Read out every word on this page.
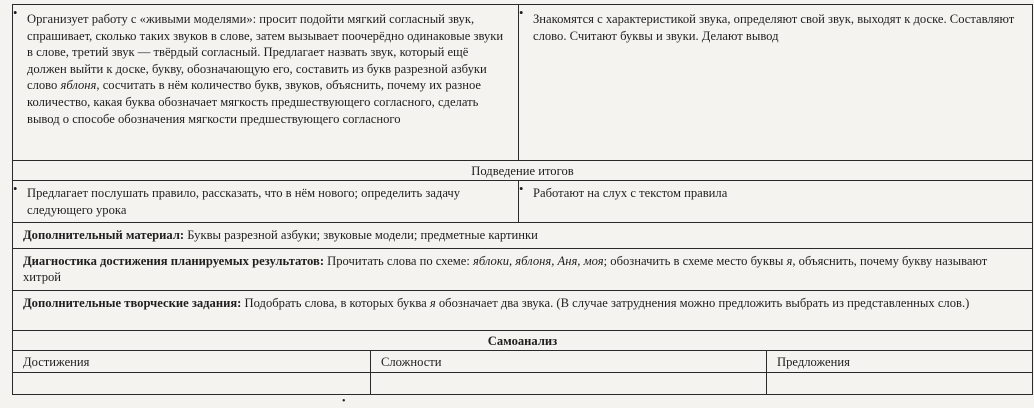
• Организует работу с «живыми моделями»: просит подойти мягкий согласный звук, спрашивает, сколько таких звуков в слове, затем вызывает поочерёдно одинаковые звуки в слове, третий звук — твёрдый согласный. Предлагает назвать звук, который ещё должен выйти к доске, букву, обозначающую его, составить из букв разрезной азбуки слово яблоня, сосчитать в нём количество букв, звуков, объяснить, почему их разное количество, какая буква обозначает мягкость предшествующего согласного, сделать вывод о способе обозначения мягкости предшествующего согласного		• Знакомятся с характеристикой звука, определяют свой звук, выходят к доске. Составляют слово. Считают буквы и звуки. Делают вывод	

Подведение итогов			

• Предлагает послушать правило, рассказать, что в нём нового; определить задачу следующего урока		• Работают на слух с текстом правила	

Дополнительный материал: Буквы разрезной азбуки; звуковые модели; предметные картинки			

Диагностика достижения планируемых результатов: Прочитать слова по схеме: яблоки, яблоня, Аня, моя; обозначить в схеме место буквы я, объяснить, почему букву называют хитрой			

Дополнительные творческие задания: Подобрать слова, в которых буква я обозначает два звука. (В случае затруднения можно предложить выбрать из представленных слов.)			

Самоанализ			

Достижения	Сложности		Предложения

•
